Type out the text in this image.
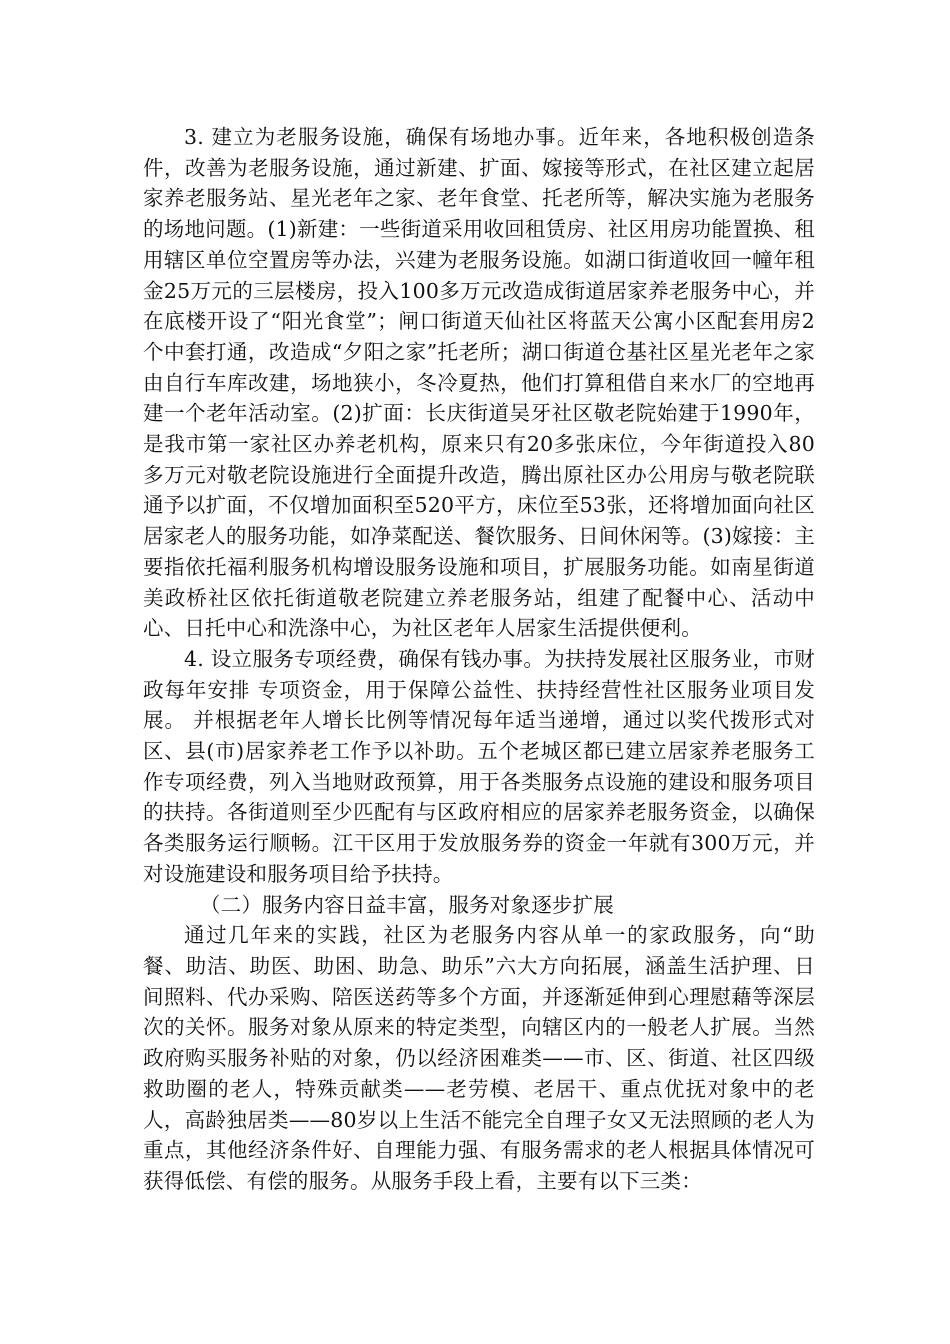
3. 建立为老服务设施，确保有场地办事。近年来，各地积极创造条件，改善为老服务设施，通过新建、扩面、嫁接等形式，在社区建立起居家养老服务站、星光老年之家、老年食堂、托老所等，解决实施为老服务的场地问题。(1)新建：一些街道采用收回租赁房、社区用房功能置换、租用辖区单位空置房等办法，兴建为老服务设施。如湖口街道收回一幢年租金25万元的三层楼房，投入100多万元改造成街道居家养老服务中心，并在底楼开设了“阳光食堂”；闸口街道天仙社区将蓝天公寓小区配套用房2个中套打通，改造成“夕阳之家”托老所；湖口街道仓基社区星光老年之家由自行车库改建，场地狭小，冬冷夏热，他们打算租借自来水厂的空地再建一个老年活动室。(2)扩面：长庆街道吴牙社区敬老院始建于1990年，是我市第一家社区办养老机构，原来只有20多张床位，今年街道投入80多万元对敬老院设施进行全面提升改造，腾出原社区办公用房与敬老院联通予以扩面，不仅增加面积至520平方，床位至53张，还将增加面向社区居家老人的服务功能，如净菜配送、餐饮服务、日间休闲等。(3)嫁接：主要指依托福利服务机构增设服务设施和项目，扩展服务功能。如南星街道美政桥社区依托街道敬老院建立养老服务站，组建了配餐中心、活动中心、日托中心和洗涤中心，为社区老年人居家生活提供便利。

4. 设立服务专项经费，确保有钱办事。为扶持发展社区服务业，市财政每年安排 专项资金，用于保障公益性、扶持经营性社区服务业项目发展。 并根据老年人增长比例等情况每年适当递增，通过以奖代拨形式对区、县(市)居家养老工作予以补助。五个老城区都已建立居家养老服务工作专项经费，列入当地财政预算，用于各类服务点设施的建设和服务项目的扶持。各街道则至少匹配有与区政府相应的居家养老服务资金，以确保各类服务运行顺畅。江干区用于发放服务券的资金一年就有300万元，并对设施建设和服务项目给予扶持。

（二）服务内容日益丰富，服务对象逐步扩展

通过几年来的实践，社区为老服务内容从单一的家政服务，向“助餐、助洁、助医、助困、助急、助乐”六大方向拓展，涵盖生活护理、日间照料、代办采购、陪医送药等多个方面，并逐渐延伸到心理慰藉等深层次的关怀。服务对象从原来的特定类型，向辖区内的一般老人扩展。当然政府购买服务补贴的对象，仍以经济困难类——市、区、街道、社区四级救助圈的老人，特殊贡献类——老劳模、老居干、重点优抚对象中的老人，高龄独居类——80岁以上生活不能完全自理子女又无法照顾的老人为重点，其他经济条件好、自理能力强、有服务需求的老人根据具体情况可获得低偿、有偿的服务。从服务手段上看，主要有以下三类：
